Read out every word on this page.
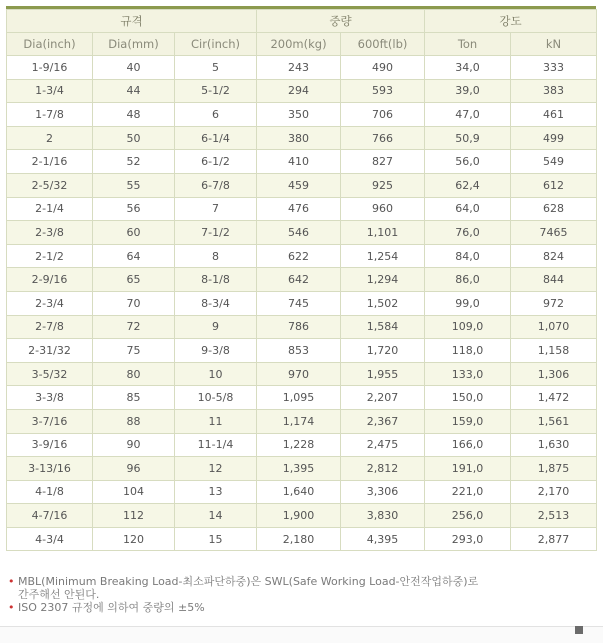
규격			중량		강도	
Dia(inch)	Dia(mm)	Cir(inch)	200m(kg)	600ft(lb)	Ton	kN
1-9/16	40	5	243	490	34,0	333
1-3/4	44	5-1/2	294	593	39,0	383
1-7/8	48	6	350	706	47,0	461
2	50	6-1/4	380	766	50,9	499
2-1/16	52	6-1/2	410	827	56,0	549
2-5/32	55	6-7/8	459	925	62,4	612
2-1/4	56	7	476	960	64,0	628
2-3/8	60	7-1/2	546	1,101	76,0	7465
2-1/2	64	8	622	1,254	84,0	824
2-9/16	65	8-1/8	642	1,294	86,0	844
2-3/4	70	8-3/4	745	1,502	99,0	972
2-7/8	72	9	786	1,584	109,0	1,070
2-31/32	75	9-3/8	853	1,720	118,0	1,158
3-5/32	80	10	970	1,955	133,0	1,306
3-3/8	85	10-5/8	1,095	2,207	150,0	1,472
3-7/16	88	11	1,174	2,367	159,0	1,561
3-9/16	90	11-1/4	1,228	2,475	166,0	1,630
3-13/16	96	12	1,395	2,812	191,0	1,875
4-1/8	104	13	1,640	3,306	221,0	2,170
4-7/16	112	14	1,900	3,830	256,0	2,513
4-3/4	120	15	2,180	4,395	293,0	2,877
• MBL(Minimum Breaking Load-최소파단하중)은 SWL(Safe Working Load-안전작업하중)로
간주해선 안된다.
• ISO 2307 규정에 의하여 중량의 ±5%
